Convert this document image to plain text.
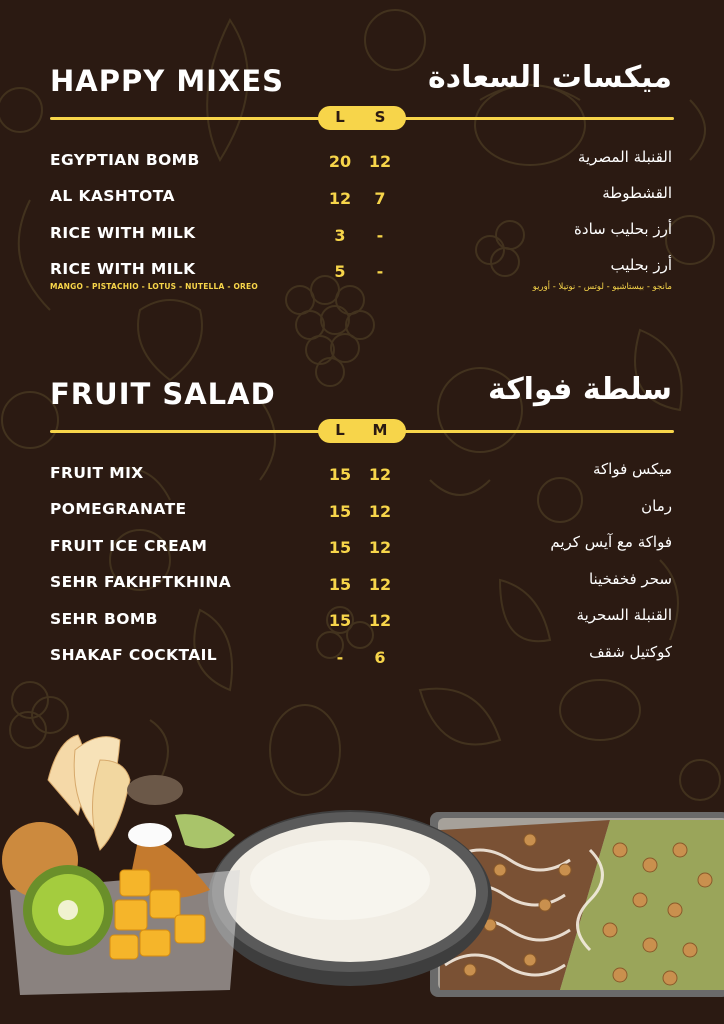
HAPPY MIXES	ميكسات السعادة
L	S
EGYPTIAN BOMB	20 12	القنبلة المصرية
AL KASHTOTA	12	7	القشطوطة
RICE WITH MILK	3	-	أرز بحليب سادة
RICE WITH MILK
MANGO - PISTACHIO - LOTUS - NUTELLA - OREO
5	-	أرز بحليب
مانجو - بيستاشيو - لوتس - نوتيلا - أوريو
FRUIT SALAD	سلطة فواكة
L	M
FRUIT MIX	15 12	ميكس فواكة
POMEGRANATE	15 12	رمان
FRUIT ICE CREAM	15 12	فواكة مع آيس كريم
SEHR FAKHFTKHINA	15 12	سحر فخفخينا
SEHR BOMB	15 12	القنبلة السحرية
SHAKAF COCKTAIL	-	6	كوكتيل شقف
